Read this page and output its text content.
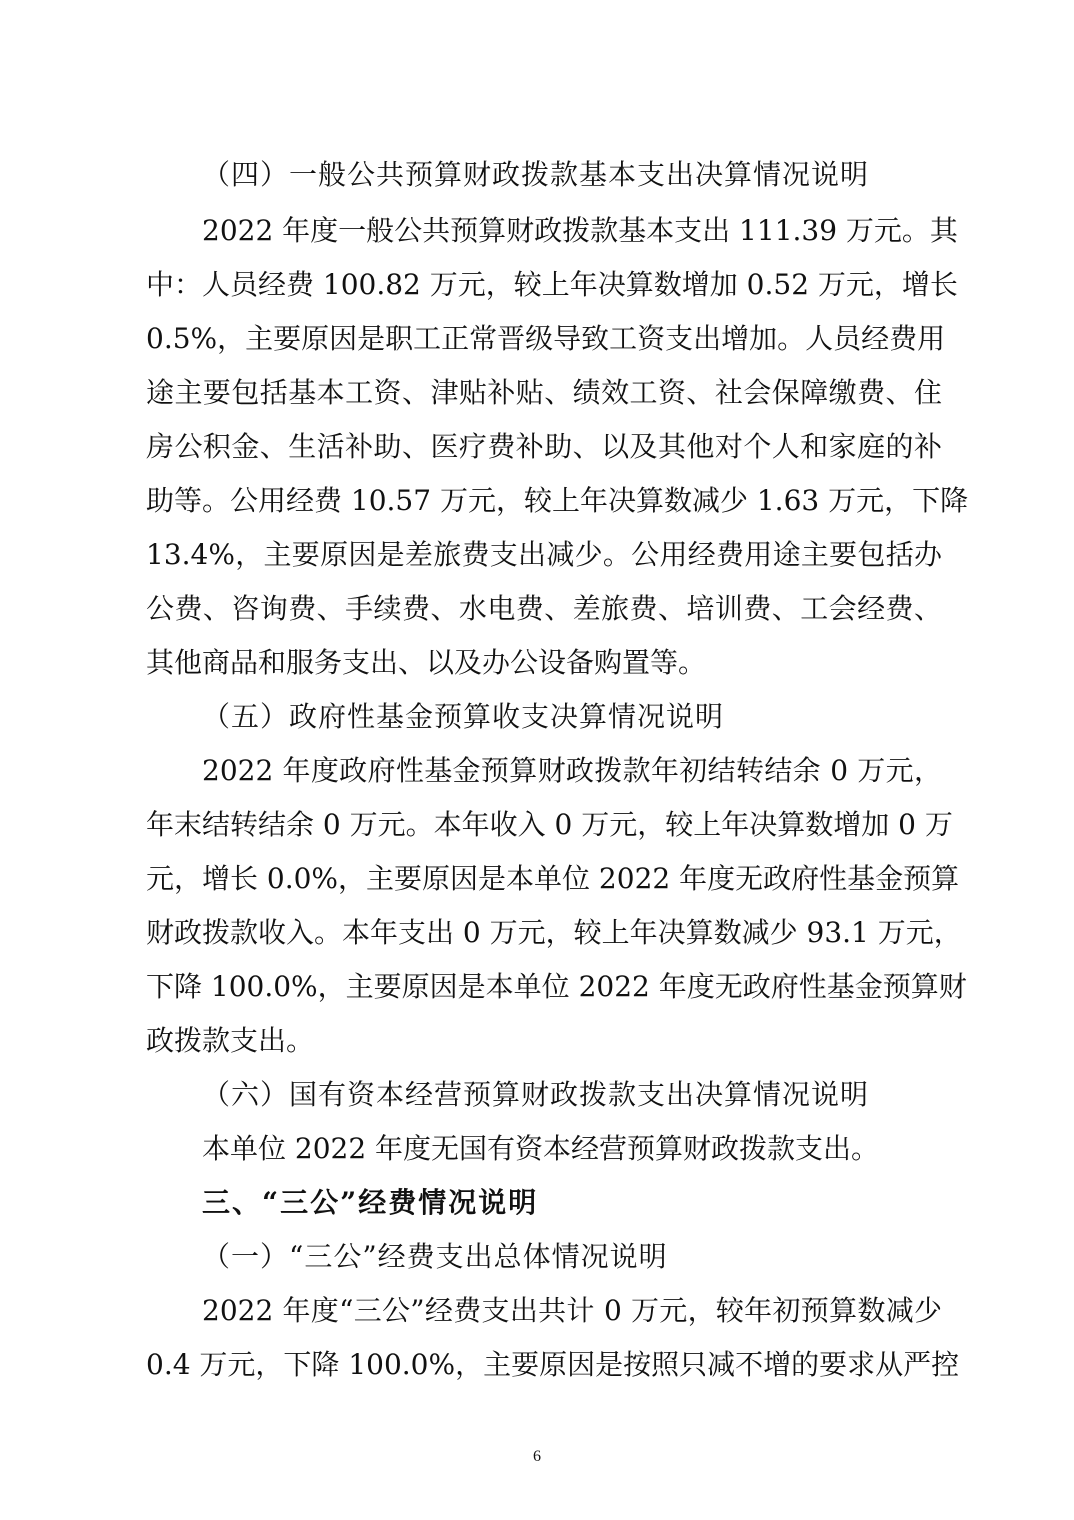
（四）一般公共预算财政拨款基本支出决算情况说明
2022 年度一般公共预算财政拨款基本支出 111.39 万元。其
中：人员经费 100.82 万元，较上年决算数增加 0.52 万元，增长
0.5%，主要原因是职工正常晋级导致工资支出增加。人员经费用
途主要包括基本工资、津贴补贴、绩效工资、社会保障缴费、住
房公积金、生活补助、医疗费补助、以及其他对个人和家庭的补
助等。公用经费 10.57 万元，较上年决算数减少 1.63 万元，下降
13.4%，主要原因是差旅费支出减少。公用经费用途主要包括办
公费、咨询费、手续费、水电费、差旅费、培训费、工会经费、
其他商品和服务支出、以及办公设备购置等。
（五）政府性基金预算收支决算情况说明
2022 年度政府性基金预算财政拨款年初结转结余 0 万元，
年末结转结余 0 万元。本年收入 0 万元，较上年决算数增加 0 万
元，增长 0.0%，主要原因是本单位 2022 年度无政府性基金预算
财政拨款收入。本年支出 0 万元，较上年决算数减少 93.1 万元，
下降 100.0%，主要原因是本单位 2022 年度无政府性基金预算财
政拨款支出。
（六）国有资本经营预算财政拨款支出决算情况说明
本单位 2022 年度无国有资本经营预算财政拨款支出。
三、“三公”经费情况说明
（一）“三公”经费支出总体情况说明
2022 年度“三公”经费支出共计 0 万元，较年初预算数减少
0.4 万元，下降 100.0%，主要原因是按照只减不增的要求从严控
6
